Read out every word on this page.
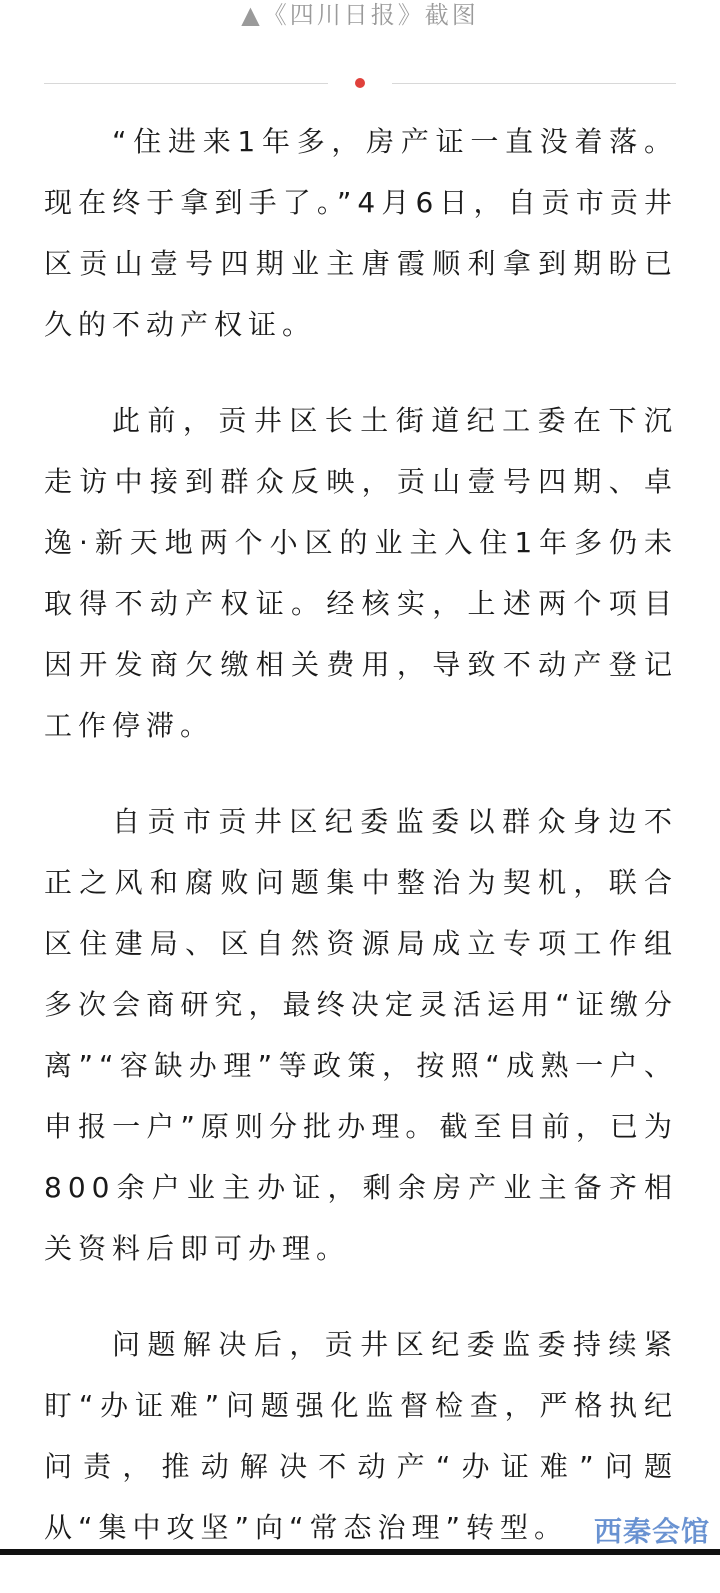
▲《四川日报》截图

“住进来1年多，房产证一直没着落。现在终于拿到手了。”4月6日，自贡市贡井区贡山壹号四期业主唐霞顺利拿到期盼已久的不动产权证。

此前，贡井区长土街道纪工委在下沉走访中接到群众反映，贡山壹号四期、卓逸·新天地两个小区的业主入住1年多仍未取得不动产权证。经核实，上述两个项目因开发商欠缴相关费用，导致不动产登记工作停滞。

自贡市贡井区纪委监委以群众身边不正之风和腐败问题集中整治为契机，联合区住建局、区自然资源局成立专项工作组多次会商研究，最终决定灵活运用“证缴分离”“容缺办理”等政策，按照“成熟一户、申报一户”原则分批办理。截至目前，已为800余户业主办证，剩余房产业主备齐相关资料后即可办理。

问题解决后，贡井区纪委监委持续紧盯“办证难”问题强化监督检查，严格执纪问责，推动解决不动产“办证难”问题从“集中攻坚”向“常态治理”转型。 西秦会馆
